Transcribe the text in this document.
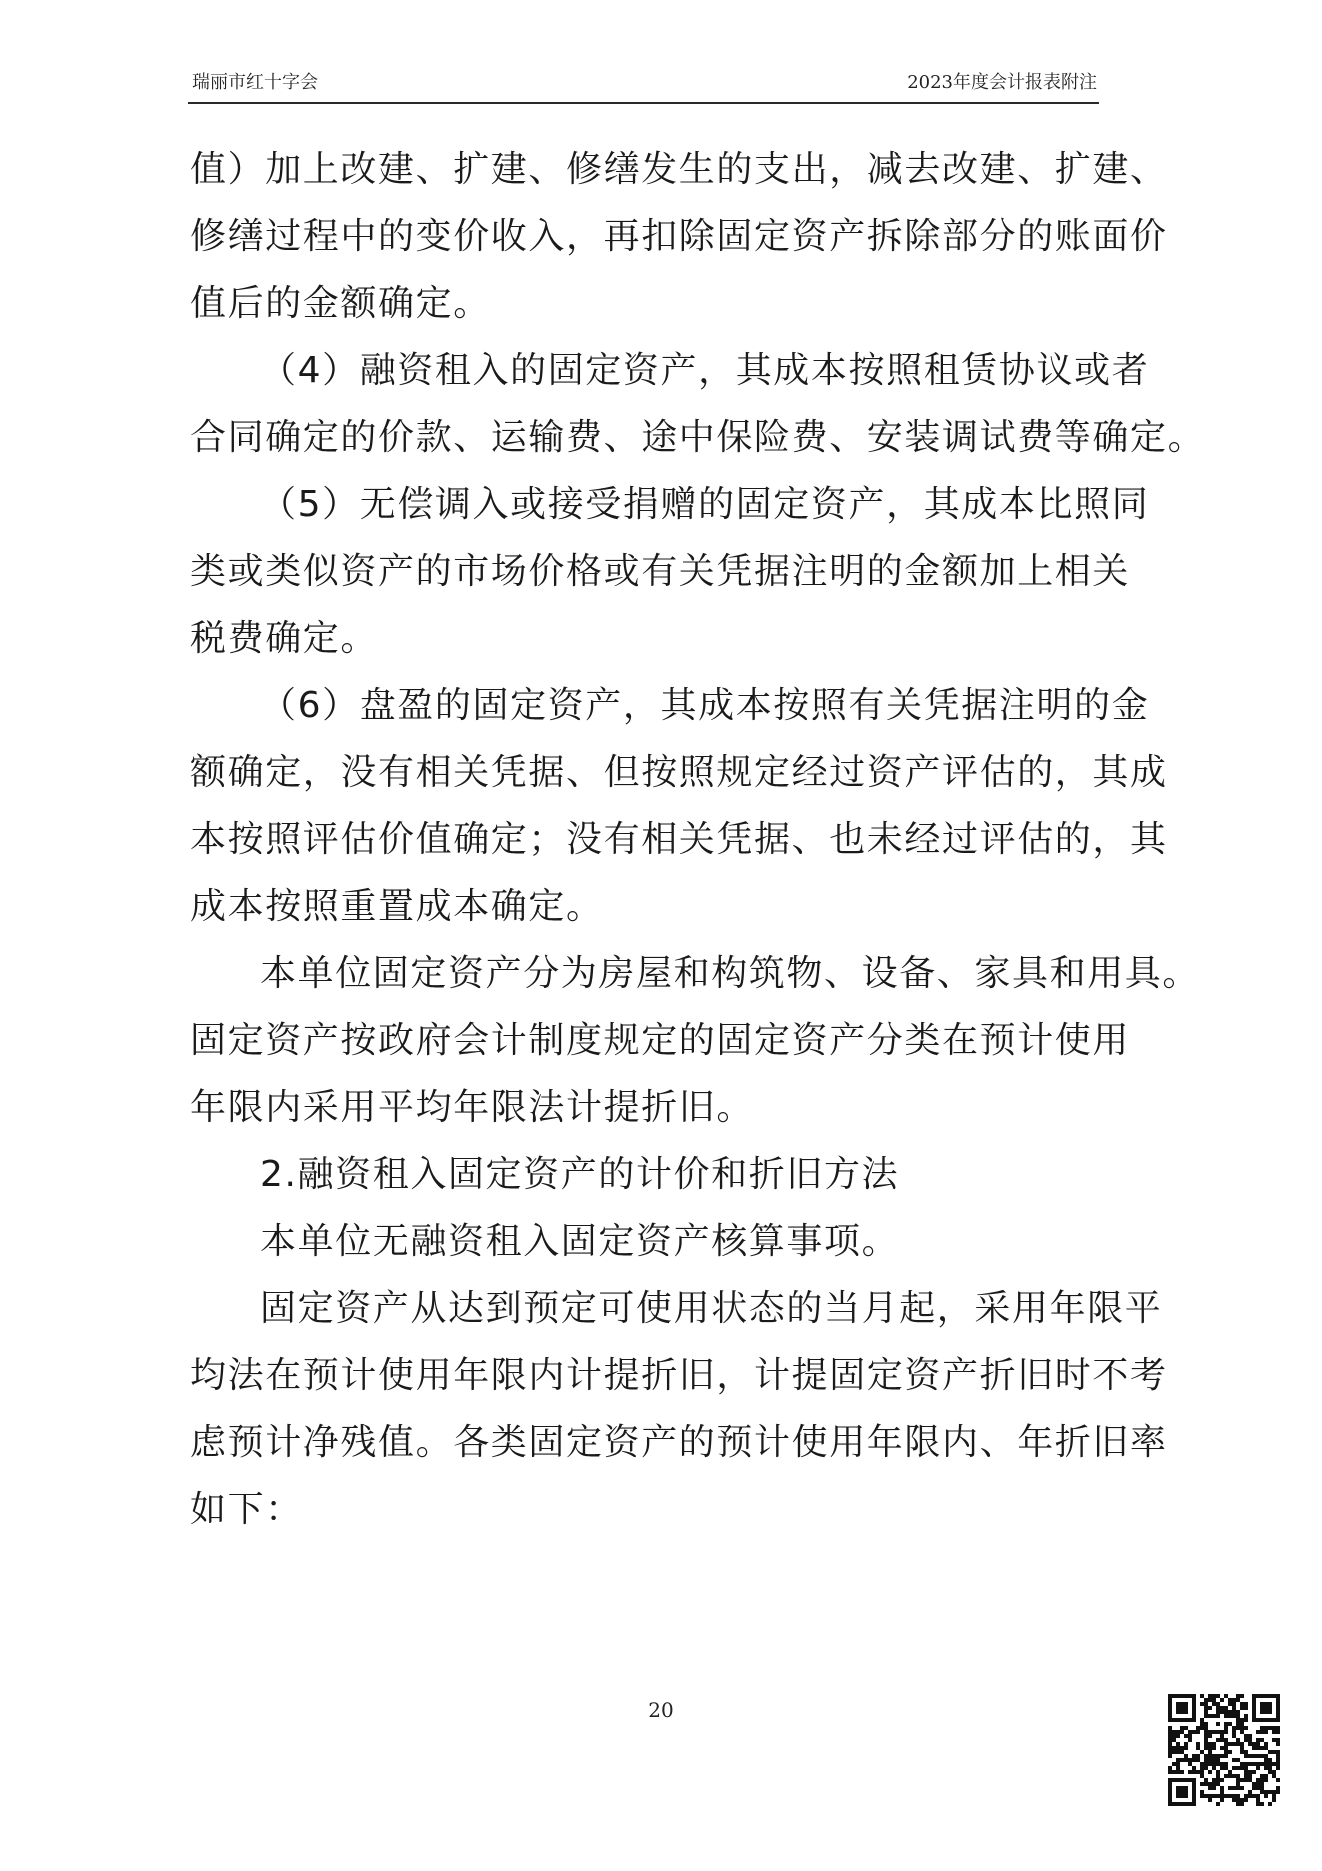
瑞丽市红十字会	2023年度会计报表附注
值）加上改建、扩建、修缮发生的支出，减去改建、扩建、
修缮过程中的变价收入，再扣除固定资产拆除部分的账面价
值后的金额确定。
（4）融资租入的固定资产，其成本按照租赁协议或者
合同确定的价款、运输费、途中保险费、安装调试费等确定。
（5）无偿调入或接受捐赠的固定资产，其成本比照同
类或类似资产的市场价格或有关凭据注明的金额加上相关
税费确定。
（6）盘盈的固定资产，其成本按照有关凭据注明的金
额确定，没有相关凭据、但按照规定经过资产评估的，其成
本按照评估价值确定；没有相关凭据、也未经过评估的，其
成本按照重置成本确定。
本单位固定资产分为房屋和构筑物、设备、家具和用具。
固定资产按政府会计制度规定的固定资产分类在预计使用
年限内采用平均年限法计提折旧。
2.融资租入固定资产的计价和折旧方法
本单位无融资租入固定资产核算事项。
固定资产从达到预定可使用状态的当月起，采用年限平
均法在预计使用年限内计提折旧，计提固定资产折旧时不考
虑预计净残值。各类固定资产的预计使用年限内、年折旧率
如下：
20
